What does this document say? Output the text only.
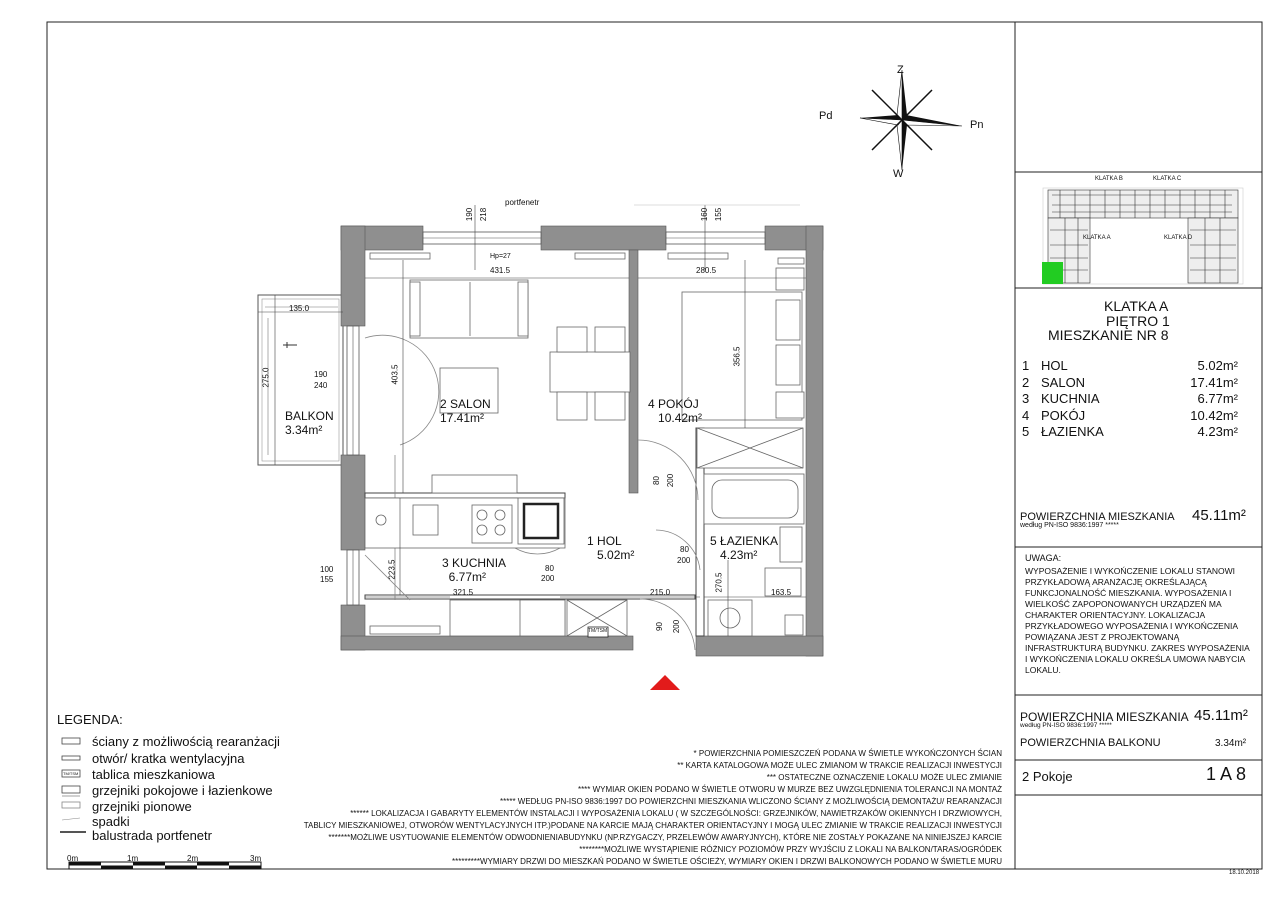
Z
Pn
W
Pd
2 SALON
17.41m²
4 POKÓJ
10.42m²
1 HOL
5.02m²
5 ŁAZIENKA
4.23m²
3 KUCHNIA
6.77m²
BALKON
3.34m²
portfenetr
Hp=27
TM/TSM
431.5	280.5
403.5
356.5
321.5	215.0	163.5
223.5
270.5
135.0
275.0
190 218	160 155
190
240
100
155
80 200
80
200
80
200
90 200
KLATKA B	KLATKA C
KLATKA A	KLATKA D
KLATKA A
PIĘTRO 1
MIESZKANIE NR 8
1 HOL	5.02m²
2 SALON	17.41m²
3 KUCHNIA	6.77m²
4 POKÓJ	10.42m²
5 ŁAZIENKA	4.23m²
POWIERZCHNIA MIESZKANIA
według PN-ISO 9836:1997 *****
45.11m²
UWAGA:
WYPOSAŻENIE I WYKOŃCZENIE LOKALU STANOWI
PRZYKŁADOWĄ ARANŻACJĘ OKREŚLAJĄCĄ
FUNKCJONALNOŚĆ MIESZKANIA. WYPOSAŻENIA I
WIELKOŚĆ ZAPOPONOWANYCH URZĄDZEŃ MA
CHARAKTER ORIENTACYJNY. LOKALIZACJA
PRZYKŁADOWEGO WYPOSAŻENIA I WYKOŃCZENIA
POWIĄZANA JEST Z PROJEKTOWANĄ
INFRASTRUKTURĄ BUDYNKU. ZAKRES WYPOSAŻENIA
I WYKOŃCZENIA LOKALU OKREŚLA UMOWA NABYCIA
LOKALU.
POWIERZCHNIA MIESZKANIA
według PN-ISO 9836:1997 *****
45.11m²
POWIERZCHNIA BALKONU	3.34m²
2 Pokoje	1 A 8
18.10.2018
LEGENDA:
TM/TSM
ściany z możliwością rearanżacji
otwór/ kratka wentylacyjna
tablica mieszkaniowa
grzejniki pokojowe i łazienkowe
grzejniki pionowe
spadki
balustrada portfenetr
0m	1m	2m	3m
* POWIERZCHNIA POMIESZCZEŃ PODANA W ŚWIETLE WYKOŃCZONYCH ŚCIAN
** KARTA KATALOGOWA MOŻE ULEC ZMIANOM W TRAKCIE REALIZACJI INWESTYCJI
*** OSTATECZNE OZNACZENIE LOKALU MOŻE ULEC ZMIANIE
**** WYMIAR OKIEN PODANO W ŚWIETLE OTWORU W MURZE BEZ UWZGLĘDNIENIA TOLERANCJI NA MONTAŻ
***** WEDŁUG PN-ISO 9836:1997 DO POWIERZCHNI MIESZKANIA WLICZONO ŚCIANY Z MOŻLIWOŚCIĄ DEMONTAŻU/ REARANŻACJI
****** LOKALIZACJA I GABARYTY ELEMENTÓW INSTALACJI I WYPOSAŻENIA LOKALU ( W SZCZEGÓLNOŚCI: GRZEJNIKÓW, NAWIETRZAKÓW OKIENNYCH I DRZWIOWYCH,
TABLICY MIESZKANIOWEJ, OTWORÓW WENTYLACYJNYCH ITP.)PODANE NA KARCIE MAJĄ CHARAKTER ORIENTACYJNY I MOGĄ ULEC ZMIANIE W TRAKCIE REALIZACJI INWESTYCJI
*******MOŻLIWE USYTUOWANIE ELEMENTÓW ODWODNIENIABUDYNKU (NP.RZYGACZY, PRZELEWÓW AWARYJNYCH), KTÓRE NIE ZOSTAŁY POKAZANE NA NINIEJSZEJ KARCIE
********MOŻLIWE WYSTĄPIENIE RÓŻNICY POZIOMÓW PRZY WYJŚCIU Z LOKALI NA BALKON/TARAS/OGRÓDEK
*********WYMIARY DRZWI DO MIESZKAŃ PODANO W ŚWIETLE OŚCIEŻY, WYMIARY OKIEN I DRZWI BALKONOWYCH PODANO W ŚWIETLE MURU
